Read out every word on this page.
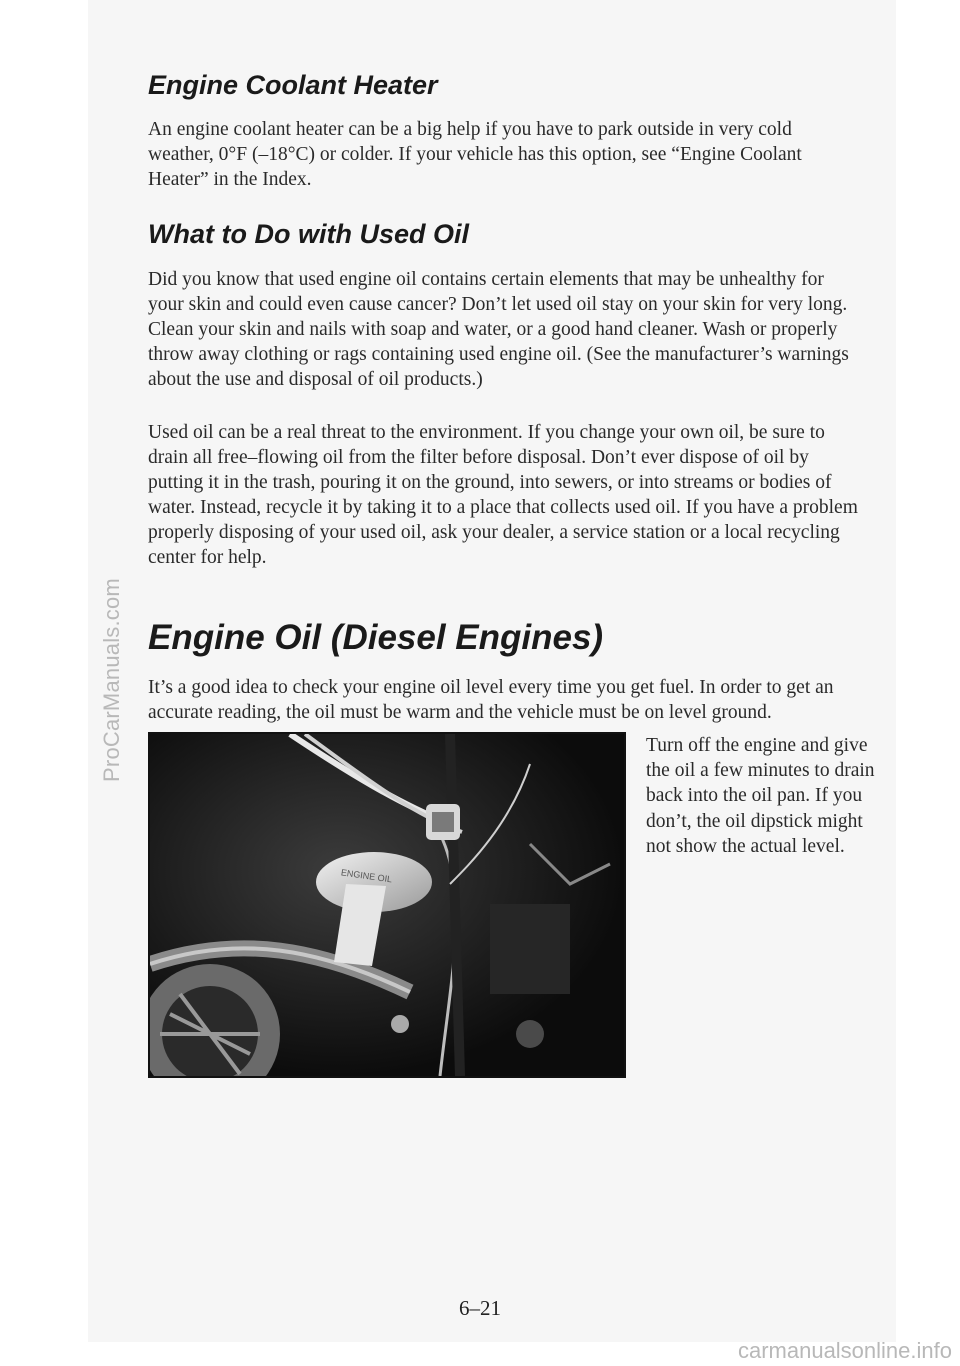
ProCarManuals.com
Engine Coolant Heater

An engine coolant heater can be a big help if you have to park outside in very cold weather, 0°F (–18°C) or colder. If your vehicle has this option, see “Engine Coolant Heater” in the Index.

What to Do with Used Oil

Did you know that used engine oil contains certain elements that may be unhealthy for your skin and could even cause cancer? Don’t let used oil stay on your skin for very long. Clean your skin and nails with soap and water, or a good hand cleaner. Wash or properly throw away clothing or rags containing used engine oil. (See the manufacturer’s warnings about the use and disposal of oil products.)

Used oil can be a real threat to the environment. If you change your own oil, be sure to drain all free–flowing oil from the filter before disposal. Don’t ever dispose of oil by putting it in the trash, pouring it on the ground, into sewers, or into streams or bodies of water. Instead, recycle it by taking it to a place that collects used oil. If you have a problem properly disposing of your used oil, ask your dealer, a service station or a local recycling center for help.

Engine Oil (Diesel Engines)

It’s a good idea to check your engine oil level every time you get fuel. In order to get an accurate reading, the oil must be warm and the vehicle must be on level ground.

ENGINE OIL
Turn off the engine and give the oil a few minutes to drain back into the oil pan. If you don’t, the oil dipstick might not show the actual level.
6–21
carmanualsonline.info
